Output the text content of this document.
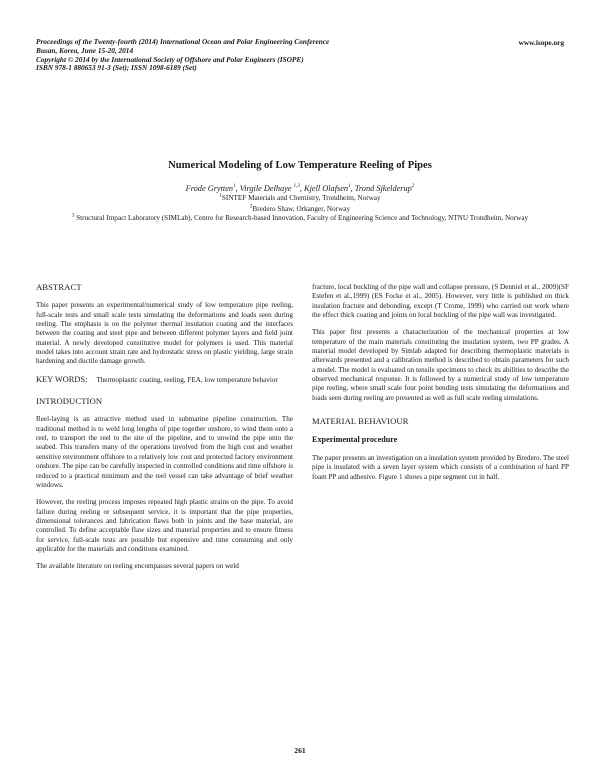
Proceedings of the Twenty-fourth (2014) International Ocean and Polar Engineering Conference
Busan, Korea, June 15-20, 2014
Copyright © 2014 by the International Society of Offshore and Polar Engineers (ISOPE)
ISBN 978-1 880653 91-3 (Set); ISSN 1098-6189 (Set)
www.isope.org
Numerical Modeling of Low Temperature Reeling of Pipes
Frode Grytten$^1$, Virgile Delhaye $^{1,3}$, Kjell Olafsen$^1$, Trond Sjkelderup$^2$
$^1$SINTEF Materials and Chemistry, Trondheim, Norway
$^2$Bredero Shaw, Orkanger, Norway
$^3$ Structural Impact Laboratory (SIMLab), Centre for Research-based Innovation, Faculty of Engineering Science and Technology, NTNU Trondheim, Norway
ABSTRACT

This paper presents an experimental/numerical study of low temperature pipe reeling, full-scale tests and small scale tests simulating the deformations and loads seen during reeling. The emphasis is on the polymer thermal insulation coating and the interfaces between the coating and steel pipe and between different polymer layers and field joint material. A newly developed constitutive model for polymers is used. This material model takes into account strain rate and hydrostatic stress on plastic yielding, large strain hardening and ductile damage growth.

KEY WORDS: Thermoplastic coating, reeling, FEA, low temperature behavior

INTRODUCTION

Reel-laying is an attractive method used in submarine pipeline construction. The traditional method is to weld long lengths of pipe together onshore, to wind them onto a reel, to transport the reel to the site of the pipeline, and to unwind the pipe onto the seabed. This transfers many of the operations involved from the high cost and weather sensitive environment offshore to a relatively low cost and protected factory environment onshore. The pipe can be carefully inspected in controlled conditions and time offshore is reduced to a practical minimum and the reel vessel can take advantage of brief weather windows.

However, the reeling process imposes repeated high plastic strains on the pipe. To avoid failure during reeling or subsequent service, it is important that the pipe properties, dimensional tolerances and fabrication flaws both in joints and the base material, are controlled. To define acceptable flaw sizes and material properties and to ensure fitness for service, full-scale tests are possible but expensive and time consuming and only applicable for the materials and conditions examined.

The available literature on reeling encompasses several papers on weld

fracture, local buckling of the pipe wall and collapse pressure, (S Denniel et al., 2009)(SF Estefen et al.,1999) (ES Focke et al., 2005). However, very little is published on thick insulation fracture and debonding, except (T Crome, 1999) who carried out work where the effect thick coating and joints on local buckling of the pipe wall was investigated.

This paper first presents a characterization of the mechanical properties at low temperature of the main materials constituting the insulation system, two PP grades. A material model developed by Simlab adapted for describing thermoplastic materials is afterwards presented and a calibration method is described to obtain parameters for such a model. The model is evaluated on tensile specimens to check its abilities to describe the observed mechanical response. It is followed by a numerical study of low temperature pipe reeling, where small scale four point bending tests simulating the deformations and loads seen during reeling are presented as well as full scale reeling simulations.

MATERIAL BEHAVIOUR
Experimental procedure

The paper presents an investigation on a insulation system provided by Bredero. The steel pipe is insulated with a seven layer system which consists of a combination of hard PP foam PP and adhesive. Figure 1 shows a pipe segment cut in half.

261
